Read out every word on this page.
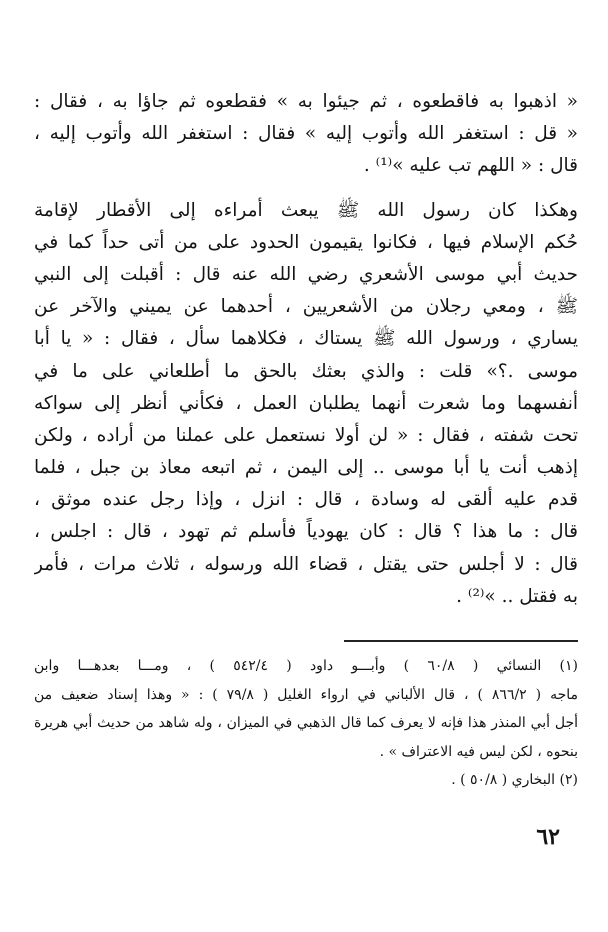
« اذهبوا به فاقطعوه ، ثم جيئوا به » فقطعوه ثم جاؤا به ، فقال :
« قل : استغفر الله وأتوب إليه » فقال : استغفر الله وأتوب إليه ،
قال : « اللهم تب عليه »⁽¹⁾ .
وهكذا كان رسول الله ﷺ يبعث أمراءه إلى الأقطار لإقامة
حُكم الإسلام فيها ، فكانوا يقيمون الحدود على من أتى حداً كما في
حديث أبي موسى الأشعري رضي الله عنه قال : أقبلت إلى النبي
ﷺ ، ومعي رجلان من الأشعريين ، أحدهما عن يميني والآخر عن
يساري ، ورسول الله ﷺ يستاك ، فكلاهما سأل ، فقال : « يا أبا
موسى .؟» قلت : والذي بعثك بالحق ما أطلعاني على ما في
أنفسهما وما شعرت أنهما يطلبان العمل ، فكأني أنظر إلى سواكه
تحت شفته ، فقال : « لن أولا نستعمل على عملنا من أراده ، ولكن
إذهب أنت يا أبا موسى .. إلى اليمن ، ثم اتبعه معاذ بن جبل ، فلما
قدم عليه ألقى له وسادة ، قال : انزل ، وإذا رجل عنده موثق ،
قال : ما هذا ؟ قال : كان يهودياً فأسلم ثم تهود ، قال : اجلس ،
قال : لا أجلس حتى يقتل ، قضاء الله ورسوله ، ثلاث مرات ، فأمر
به فقتل .. »⁽²⁾ .
(١) النسائي ( ٦٠/٨ ) وأبـــو داود ( ٥٤٢/٤ ) ، ومـــا بعدهـــا وابن
ماجه ( ٨٦٦/٢ ) ، قال الألباني في ارواء الغليل ( ٧٩/٨ ) : « وهذا إسناد ضعيف من
أجل أبي المنذر هذا فإنه لا يعرف كما قال الذهبي في الميزان ، وله شاهد من حديث أبي هريرة
بنحوه ، لكن ليس فيه الاعتراف » .
(٢) البخاري ( ٥٠/٨ ) .
٦٢
